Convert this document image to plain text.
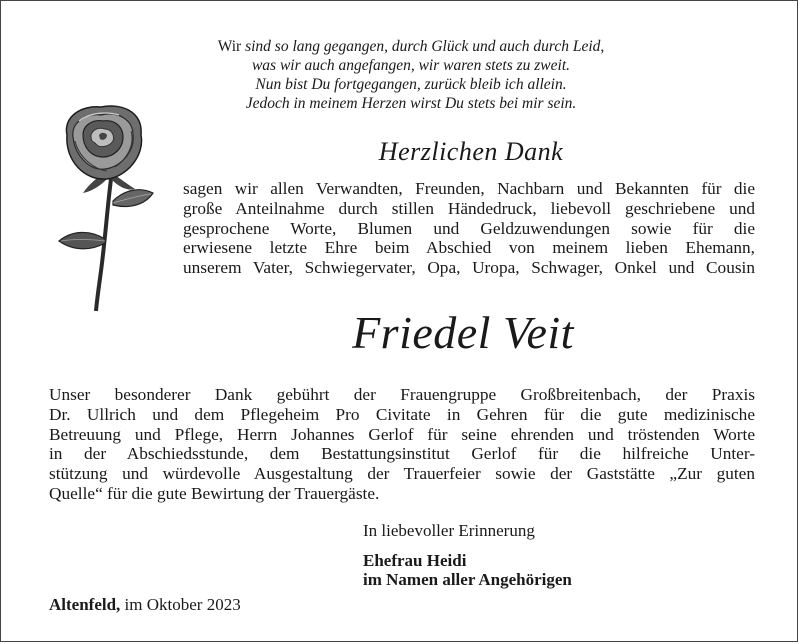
Wir sind so lang gegangen, durch Glück und auch durch Leid,
was wir auch angefangen, wir waren stets zu zweit.
Nun bist Du fortgegangen, zurück bleib ich allein.
Jedoch in meinem Herzen wirst Du stets bei mir sein.
Herzlichen Dank
sagen wir allen Verwandten, Freunden, Nachbarn und Bekannten für die
große Anteilnahme durch stillen Händedruck, liebevoll geschriebene und
gesprochene Worte, Blumen und Geldzuwendungen sowie für die
erwiesene letzte Ehre beim Abschied von meinem lieben Ehemann,
unserem Vater, Schwiegervater, Opa, Uropa, Schwager, Onkel und Cousin
Friedel Veit
Unser besonderer Dank gebührt der Frauengruppe Großbreitenbach, der Praxis
Dr. Ullrich und dem Pflegeheim Pro Civitate in Gehren für die gute medizinische
Betreuung und Pflege, Herrn Johannes Gerlof für seine ehrenden und tröstenden Worte
in der Abschiedsstunde, dem Bestattungsinstitut Gerlof für die hilfreiche Unter-
stützung und würdevolle Ausgestaltung der Trauerfeier sowie der Gaststätte „Zur guten
Quelle“ für die gute Bewirtung der Trauergäste.
In liebevoller Erinnerung
Ehefrau Heidi
im Namen aller Angehörigen
Altenfeld, im Oktober 2023
